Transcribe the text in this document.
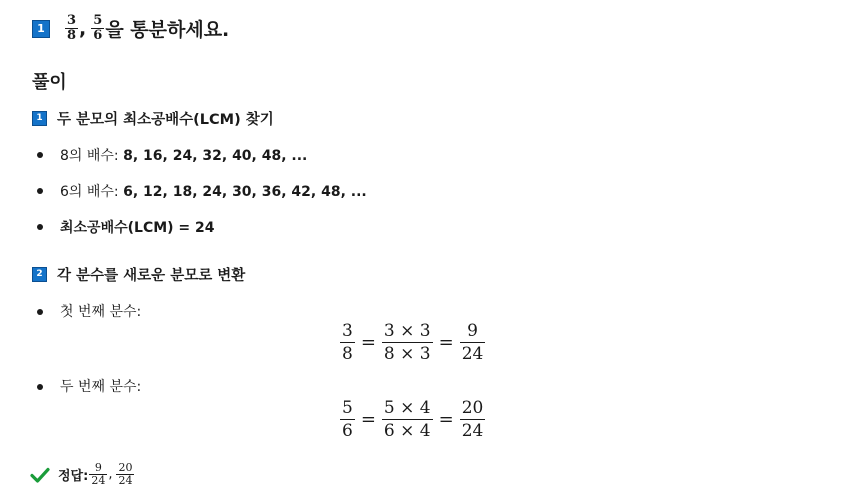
1	$\frac{3}{8}$ , $\frac{5}{6}$ 을 통분하세요.
풀이
1 두 분모의 최소공배수(LCM) 찾기
8의 배수: 8, 16, 24, 32, 40, 48, ...
6의 배수: 6, 12, 18, 24, 30, 36, 42, 48, ...
최소공배수(LCM) = 24
2 각 분수를 새로운 분모로 변환
첫 번째 분수:
$\frac{3}{8} = \frac{3 \times 3}{8 \times 3} = \frac{9}{24}$
두 번째 분수:
$\frac{5}{6} = \frac{5 \times 4}{6 \times 4} = \frac{20}{24}$
정답: $\frac{9}{24}$ , $\frac{20}{24}$
